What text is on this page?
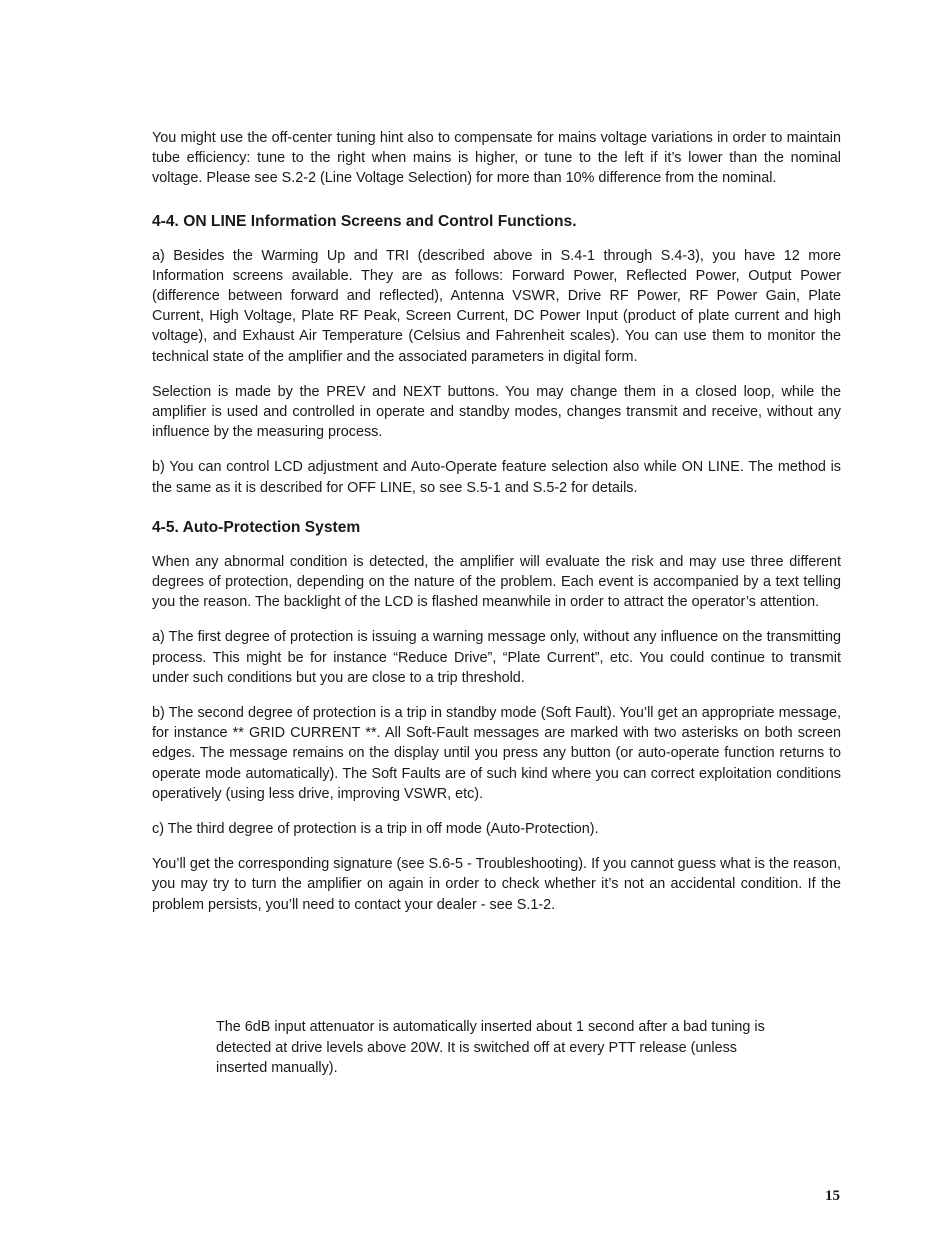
You might use the off-center tuning hint also to compensate for mains voltage variations in order to maintain tube efficiency: tune to the right when mains is higher, or tune to the left if it’s lower than the nominal voltage. Please see S.2-2 (Line Voltage Selection) for more than 10% difference from the nominal.

4-4. ON LINE Information Screens and Control Functions.

a) Besides the Warming Up and TRI (described above in S.4-1 through S.4-3), you have 12 more Information screens available. They are as follows: Forward Power, Reflected Power, Output Power (difference between forward and reflected), Antenna VSWR, Drive RF Power, RF Power Gain, Plate Current, High Voltage, Plate RF Peak, Screen Current, DC Power Input (product of plate current and high voltage), and Exhaust Air Temperature (Celsius and Fahrenheit scales). You can use them to monitor the technical state of the amplifier and the associated parameters in digital form.

Selection is made by the PREV and NEXT buttons. You may change them in a closed loop, while the amplifier is used and controlled in operate and standby modes, changes transmit and receive, without any influence by the measuring process.

b) You can control LCD adjustment and Auto-Operate feature selection also while ON LINE. The method is the same as it is described for OFF LINE, so see S.5-1 and S.5-2 for details.

4-5. Auto-Protection System

When any abnormal condition is detected, the amplifier will evaluate the risk and may use three different degrees of protection, depending on the nature of the problem. Each event is accompanied by a text telling you the reason. The backlight of the LCD is flashed meanwhile in order to attract the operator’s attention.

a) The first degree of protection is issuing a warning message only, without any influence on the transmitting process. This might be for instance “Reduce Drive”, “Plate Current”, etc. You could continue to transmit under such conditions but you are close to a trip threshold.

b) The second degree of protection is a trip in standby mode (Soft Fault). You’ll get an appropriate message, for instance ** GRID CURRENT **. All Soft-Fault messages are marked with two asterisks on both screen edges. The message remains on the display until you press any button (or auto-operate function returns to operate mode automatically). The Soft Faults are of such kind where you can correct exploitation conditions operatively (using less drive, improving VSWR, etc).

c) The third degree of protection is a trip in off mode (Auto-Protection).

You’ll get the corresponding signature (see S.6-5 - Troubleshooting). If you cannot guess what is the reason, you may try to turn the amplifier on again in order to check whether it’s not an accidental condition. If the problem persists, you’ll need to contact your dealer - see S.1-2.

The 6dB input attenuator is automatically inserted about 1 second after a bad tuning is detected at drive levels above 20W. It is switched off at every PTT release (unless inserted manually).

15
